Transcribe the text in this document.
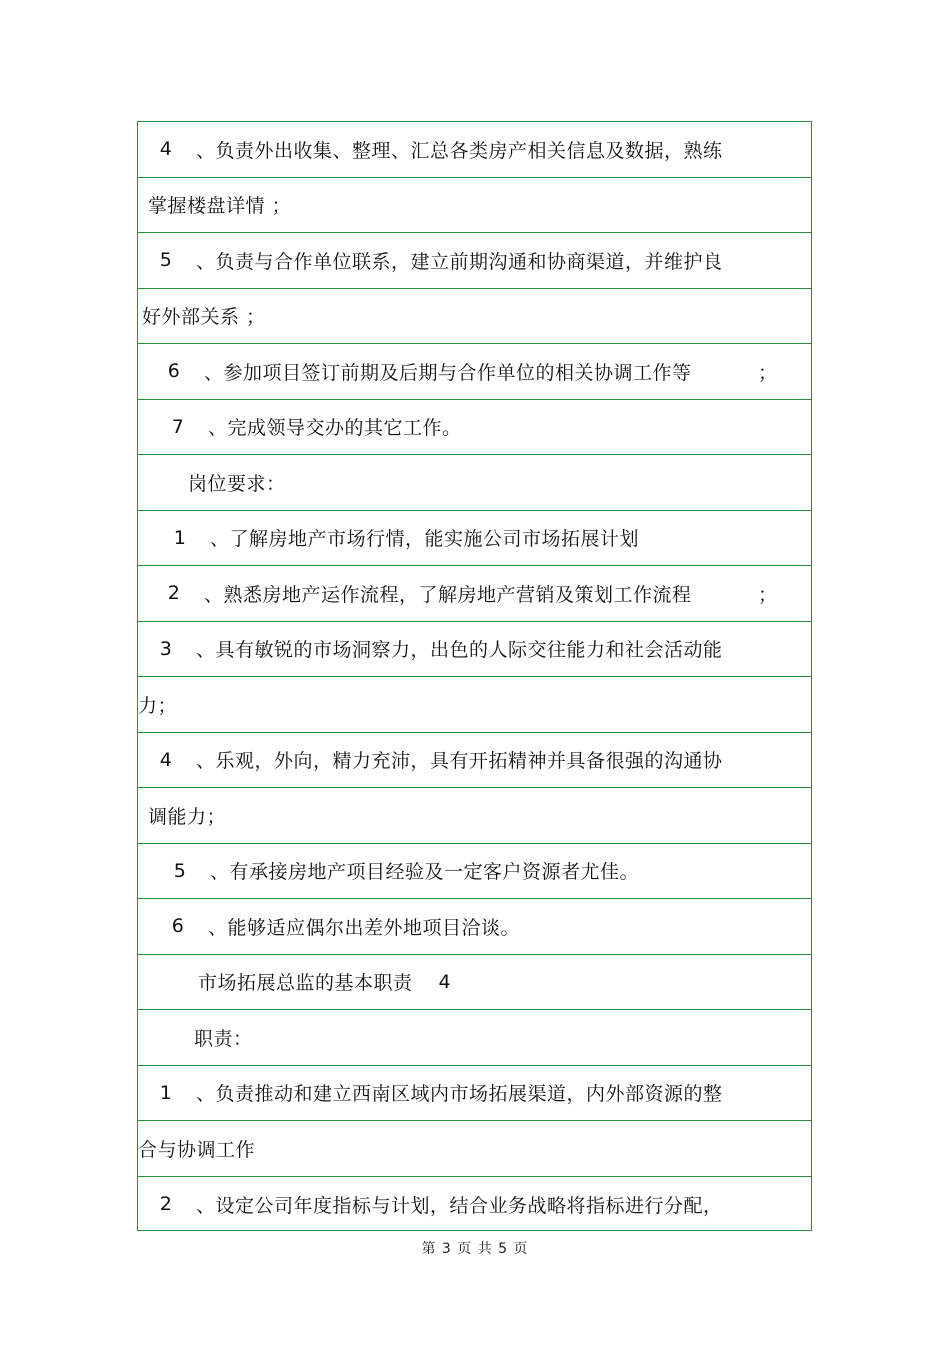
4 、负责外出收集、整理、汇总各类房产相关信息及数据，熟练
掌握楼盘详情 ；
5 、负责与合作单位联系，建立前期沟通和协商渠道，并维护良
好外部关系 ；
6 、参加项目签订前期及后期与合作单位的相关协调工作等	；
7 、完成领导交办的其它工作。
岗位要求：
1 、了解房地产市场行情，能实施公司市场拓展计划
2 、熟悉房地产运作流程，了解房地产营销及策划工作流程	；
3 、具有敏锐的市场洞察力，出色的人际交往能力和社会活动能
力；
4 、乐观，外向，精力充沛，具有开拓精神并具备很强的沟通协
调能力；
5 、有承接房地产项目经验及一定客户资源者尤佳。
6 、能够适应偶尔出差外地项目洽谈。
市场拓展总监的基本职责 4
职责：
1 、负责推动和建立西南区域内市场拓展渠道，内外部资源的整
合与协调工作
2 、设定公司年度指标与计划，结合业务战略将指标进行分配，
第 3 页 共 5 页
